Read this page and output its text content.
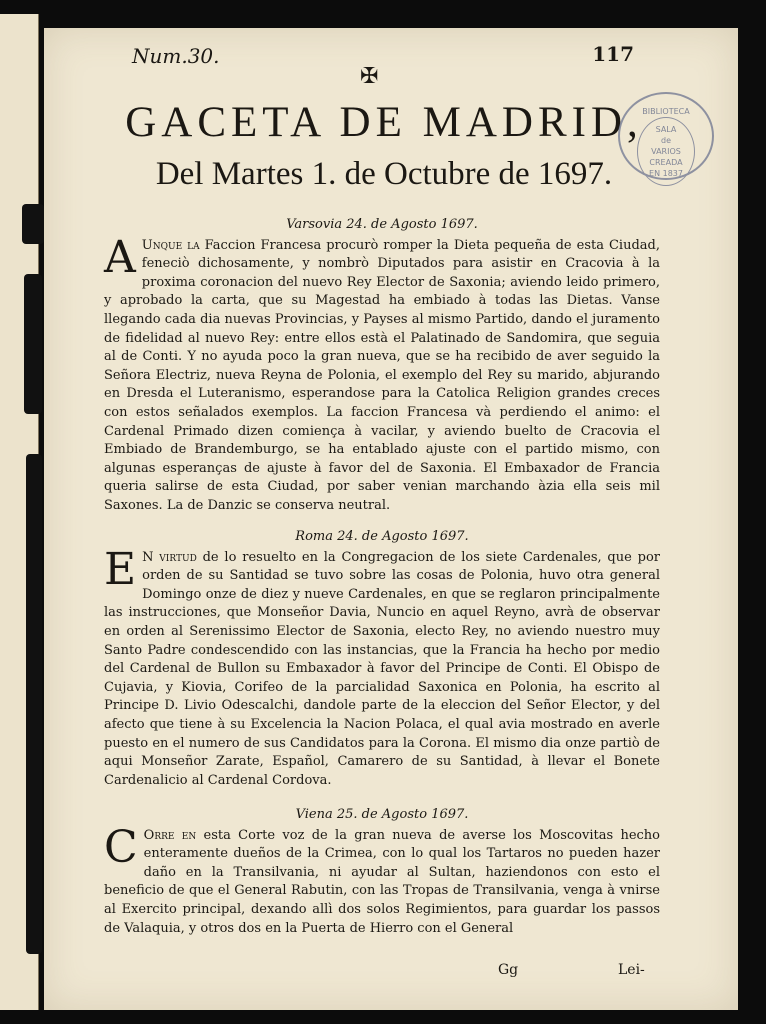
Num.30.	117
✠
GACETA DE MADRID,
Del Martes 1. de Octubre de 1697.
BIBLIOTECA
SALA
de
VARIOS
CREADA
EN 1837
Varsovia 24. de Agosto 1697.
A Unque la Faccion Francesa procurò romper la Dieta pequeña de esta Ciudad, feneciò dichosamente, y nombrò Diputados para asistir en Cracovia à la proxima coronacion del nuevo Rey Elector de Saxonia; aviendo leido primero, y aprobado la carta, que su Magestad ha embiado à todas las Dietas. Vanse llegando cada dia nuevas Provincias, y Payses al mismo Partido, dando el juramento de fidelidad al nuevo Rey: entre ellos està el Palatinado de Sandomira, que seguia al de Conti. Y no ayuda poco la gran nueva, que se ha recibido de aver seguido la Señora Electriz, nueva Reyna de Polonia, el exemplo del Rey su marido, abjurando en Dresda el Luteranismo, esperandose para la Catolica Religion grandes creces con estos señalados exemplos. La faccion Francesa và perdiendo el animo: el Cardenal Primado dizen comiença à vacilar, y aviendo buelto de Cracovia el Embiado de Brandemburgo, se ha entablado ajuste con el partido mismo, con algunas esperanças de ajuste à favor del de Saxonia. El Embaxador de Francia queria salirse de esta Ciudad, por saber venian marchando àzia ella seis mil Saxones. La de Danzic se conserva neutral.
Roma 24. de Agosto 1697.
E N virtud de lo resuelto en la Congregacion de los siete Cardenales, que por orden de su Santidad se tuvo sobre las cosas de Polonia, huvo otra general Domingo onze de diez y nueve Cardenales, en que se reglaron principalmente las instrucciones, que Monseñor Davia, Nuncio en aquel Reyno, avrà de observar en orden al Serenissimo Elector de Saxonia, electo Rey, no aviendo nuestro muy Santo Padre condescendido con las instancias, que la Francia ha hecho por medio del Cardenal de Bullon su Embaxador à favor del Principe de Conti. El Obispo de Cujavia, y Kiovia, Corifeo de la parcialidad Saxonica en Polonia, ha escrito al Principe D. Livio Odescalchi, dandole parte de la eleccion del Señor Elector, y del afecto que tiene à su Excelencia la Nacion Polaca, el qual avia mostrado en averle puesto en el numero de sus Candidatos para la Corona. El mismo dia onze partiò de aqui Monseñor Zarate, Español, Camarero de su Santidad, à llevar el Bonete Cardenalicio al Cardenal Cordova.
Viena 25. de Agosto 1697.
C Orre en esta Corte voz de la gran nueva de averse los Moscovitas hecho enteramente dueños de la Crimea, con lo qual los Tartaros no pueden hazer daño en la Transilvania, ni ayudar al Sultan, haziendonos con esto el beneficio de que el General Rabutin, con las Tropas de Transilvania, venga à vnirse al Exercito principal, dexando allì dos solos Regimientos, para guardar los passos de Valaquia, y otros dos en la Puerta de Hierro con el General
Gg	Lei-
